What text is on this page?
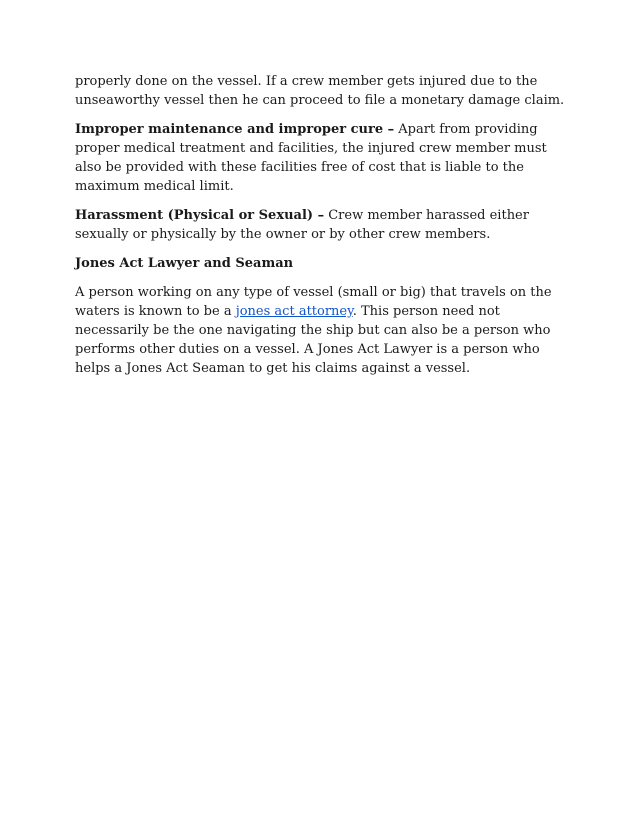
properly done on the vessel. If a crew member gets injured due to the unseaworthy vessel then he can proceed to file a monetary damage claim.

Improper maintenance and improper cure – Apart from providing proper medical treatment and facilities, the injured crew member must also be provided with these facilities free of cost that is liable to the maximum medical limit.

Harassment (Physical or Sexual) – Crew member harassed either sexually or physically by the owner or by other crew members.

Jones Act Lawyer and Seaman

A person working on any type of vessel (small or big) that travels on the waters is known to be a jones act attorney. This person need not necessarily be the one navigating the ship but can also be a person who performs other duties on a vessel. A Jones Act Lawyer is a person who helps a Jones Act Seaman to get his claims against a vessel.
